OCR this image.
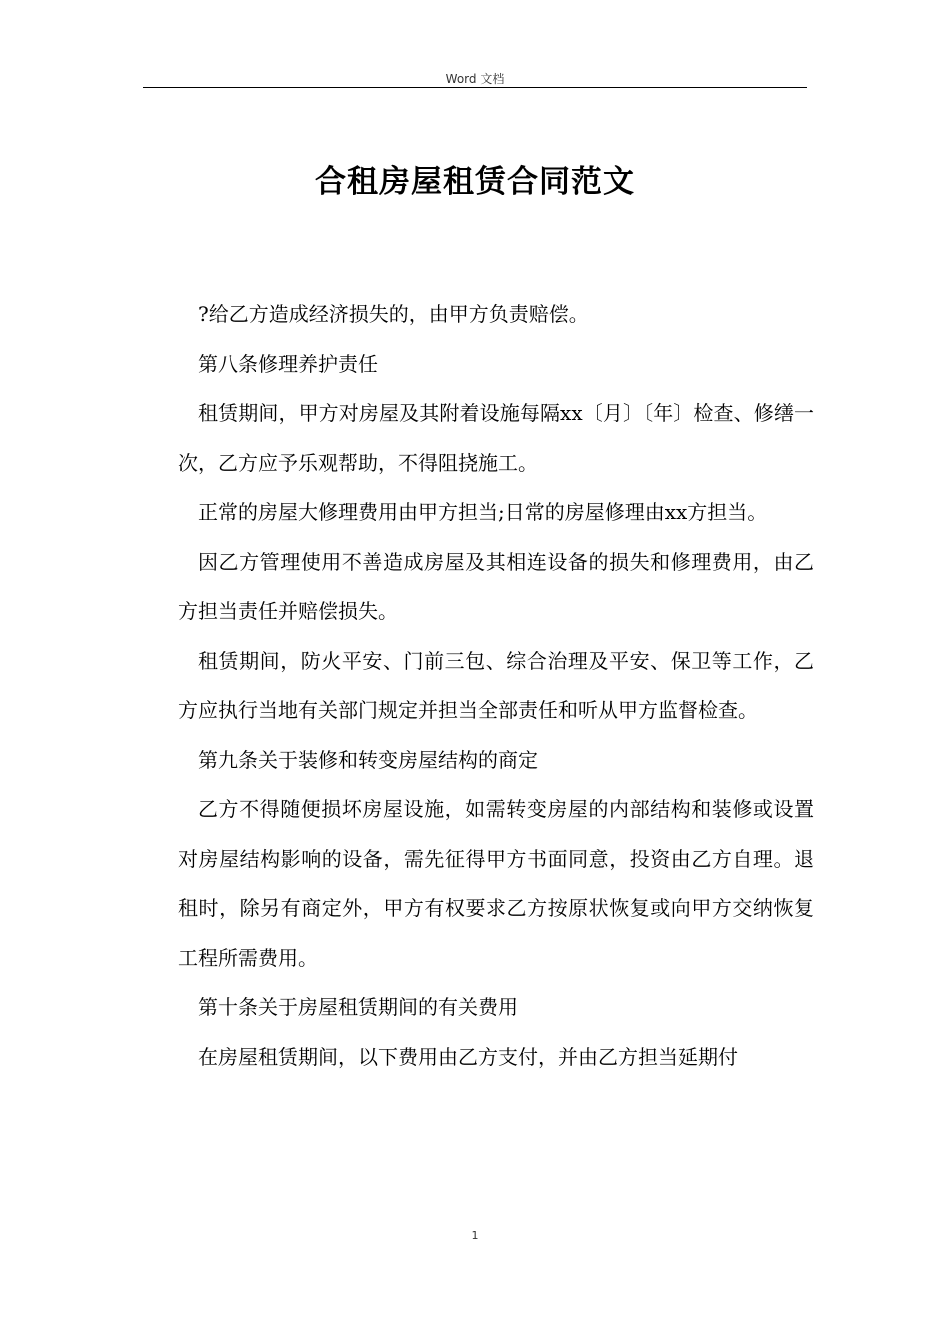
Word 文档
合租房屋租赁合同范文

?给乙方造成经济损失的，由甲方负责赔偿。

第八条修理养护责任

租赁期间，甲方对房屋及其附着设施每隔xx〔月〕〔年〕检查、修缮一次，乙方应予乐观帮助，不得阻挠施工。

正常的房屋大修理费用由甲方担当;日常的房屋修理由xx方担当。

因乙方管理使用不善造成房屋及其相连设备的损失和修理费用，由乙方担当责任并赔偿损失。

租赁期间，防火平安、门前三包、综合治理及平安、保卫等工作，乙方应执行当地有关部门规定并担当全部责任和听从甲方监督检查。

第九条关于装修和转变房屋结构的商定

乙方不得随便损坏房屋设施，如需转变房屋的内部结构和装修或设置对房屋结构影响的设备，需先征得甲方书面同意，投资由乙方自理。退租时，除另有商定外，甲方有权要求乙方按原状恢复或向甲方交纳恢复工程所需费用。

第十条关于房屋租赁期间的有关费用

在房屋租赁期间，以下费用由乙方支付，并由乙方担当延期付

1
